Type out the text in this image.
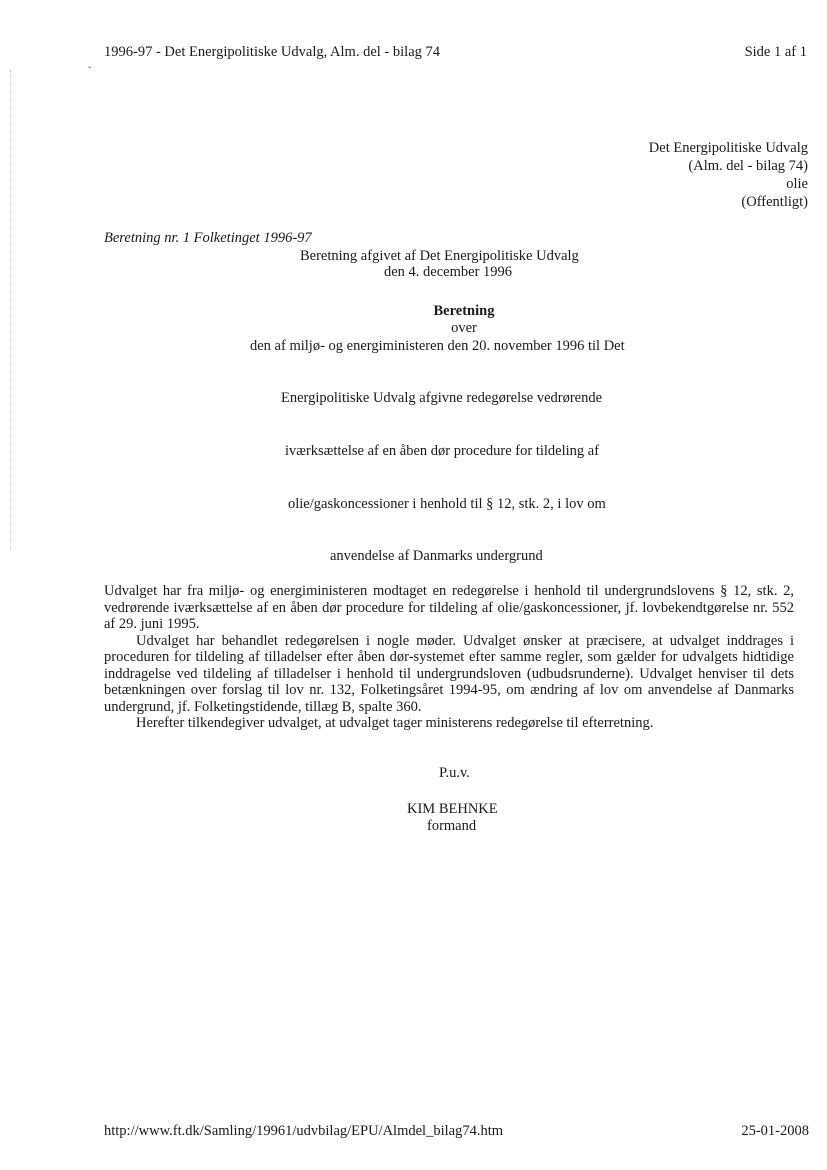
1996-97 - Det Energipolitiske Udvalg, Alm. del - bilag 74	Side 1 af 1
ˇ
Det Energipolitiske Udvalg
(Alm. del - bilag 74)
olie
(Offentligt)
Beretning nr. 1 Folketinget 1996-97
Beretning afgivet af Det Energipolitiske Udvalg
den 4. december 1996
Beretning
over
den af miljø- og energiministeren den 20. november 1996 til Det
Energipolitiske Udvalg afgivne redegørelse vedrørende
iværksættelse af en åben dør procedure for tildeling af
olie/gaskoncessioner i henhold til § 12, stk. 2, i lov om
anvendelse af Danmarks undergrund

Udvalget har fra miljø- og energiministeren modtaget en redegørelse i henhold til undergrundslovens § 12, stk. 2, vedrørende iværksættelse af en åben dør procedure for tildeling af olie/gaskoncessioner, jf. lovbekendtgørelse nr. 552 af 29. juni 1995.

Udvalget har behandlet redegørelsen i nogle møder. Udvalget ønsker at præcisere, at udvalget inddrages i proceduren for tildeling af tilladelser efter åben dør-systemet efter samme regler, som gælder for udvalgets hidtidige inddragelse ved tildeling af tilladelser i henhold til undergrundsloven (udbudsrunderne). Udvalget henviser til dets betænkningen over forslag til lov nr. 132, Folketingsåret 1994-95, om ændring af lov om anvendelse af Danmarks undergrund, jf. Folketingstidende, tillæg B, spalte 360.

Herefter tilkendegiver udvalget, at udvalget tager ministerens redegørelse til efterretning.

P.u.v.
KIM BEHNKE
formand
http://www.ft.dk/Samling/19961/udvbilag/EPU/Almdel_bilag74.htm	25-01-2008
